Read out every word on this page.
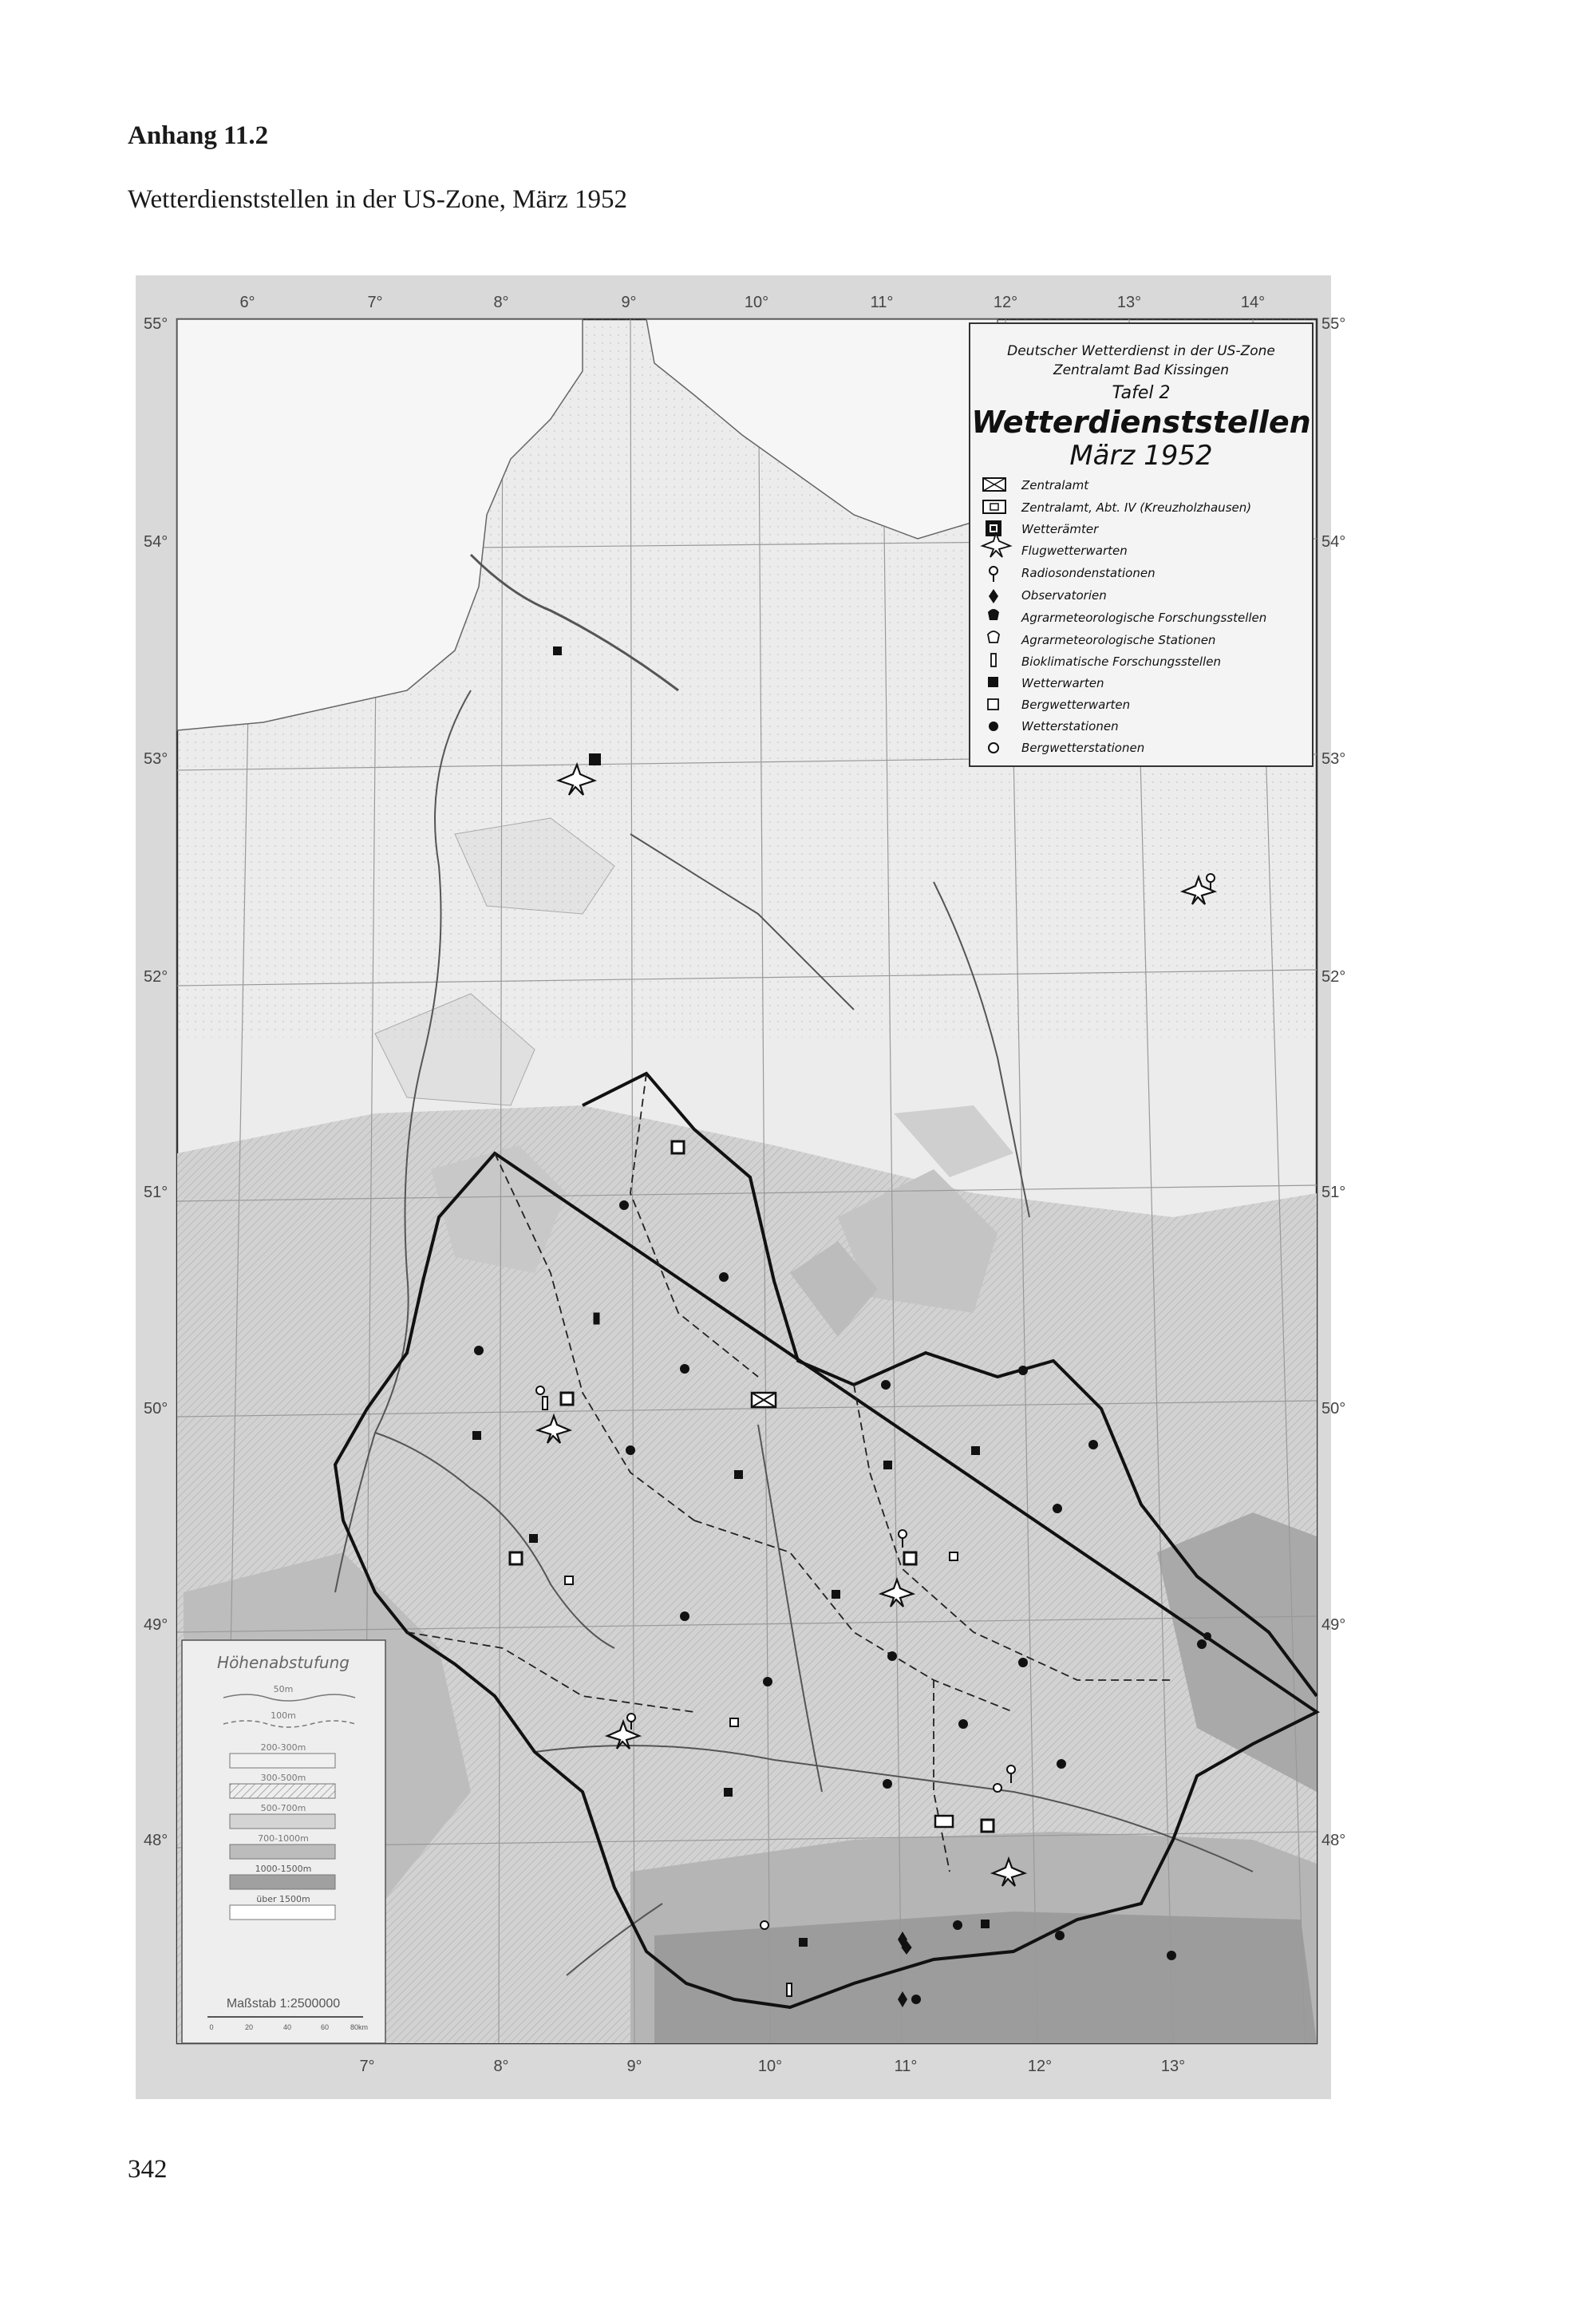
Anhang 11.2

Wetterdienststellen in der US-Zone, März 1952

55°
54°
53°
52°
51°
50°
49°
48°
55°
54°
53°
52°
51°
50°
49°
48°
6°	7°	8°	9°	10°	11°	12°	13°	14°
7°	8°	9°	10°	11°	12°	13°
Deutscher Wetterdienst in der US-Zone
Zentralamt Bad Kissingen
Tafel 2
Wetterdienststellen
März 1952
Zentralamt
Zentralamt, Abt. IV (Kreuzholzhausen)
Wetterämter
Flugwetterwarten
Radiosondenstationen
Observatorien
Agrarmeteorologische Forschungsstellen
Agrarmeteorologische Stationen
Bioklimatische Forschungsstellen
Wetterwarten
Bergwetterwarten
Wetterstationen
Bergwetterstationen
Höhenabstufung
50m
100m
200-300m
300-500m
500-700m
700-1000m
1000-1500m
über 1500m
Maßstab 1:2500000
0	20	40	60	80km
342
